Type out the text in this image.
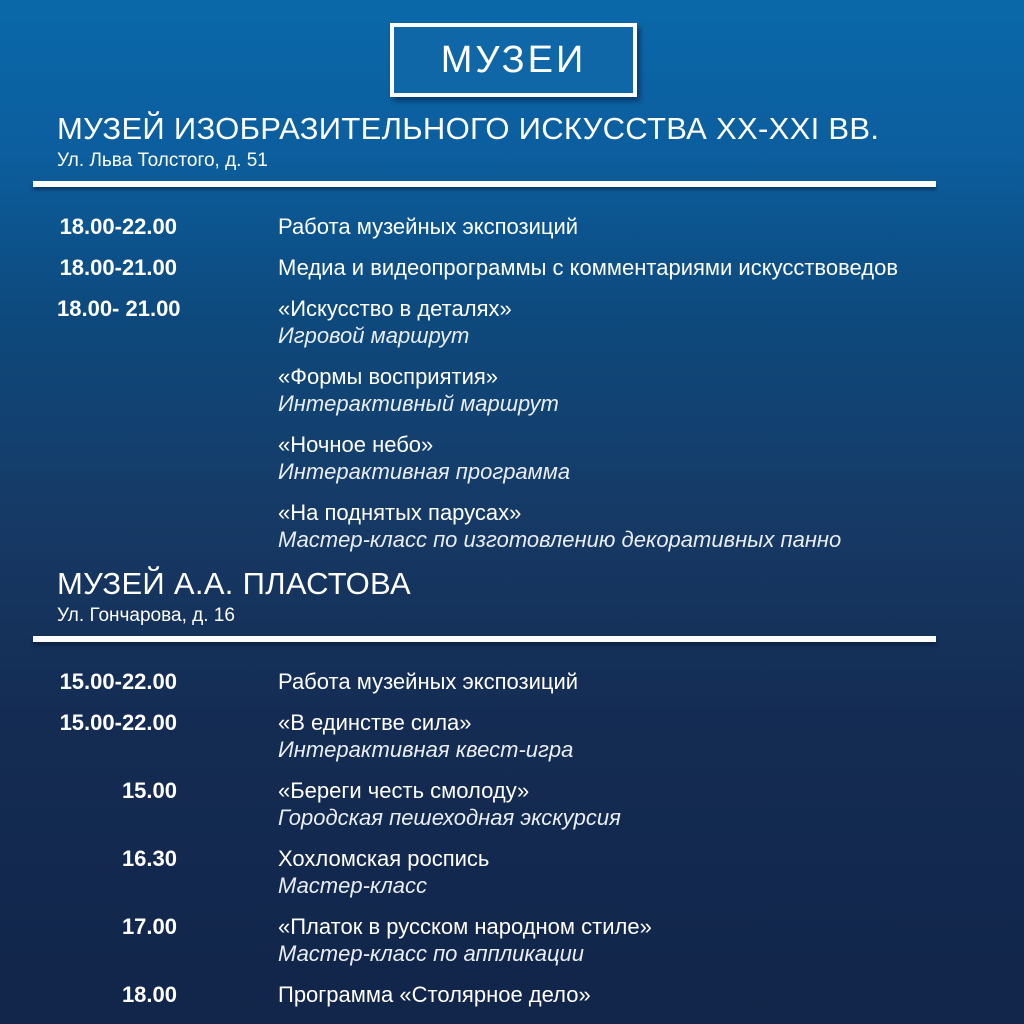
МУЗЕИ
МУЗЕЙ ИЗОБРАЗИТЕЛЬНОГО ИСКУССТВА XX-XXI ВВ.
Ул. Льва Толстого, д. 51
18.00-22.00	Работа музейных экспозиций
18.00-21.00	Медиа и видеопрограммы с комментариями искусствоведов
18.00- 21.00	«Искусство в деталях»
Игровой маршрут
«Формы восприятия»
Интерактивный маршрут
«Ночное небо»
Интерактивная программа
«На поднятых парусах»
Мастер-класс по изготовлению декоративных панно
МУЗЕЙ А.А. ПЛАСТОВА
Ул. Гончарова, д. 16
15.00-22.00	Работа музейных экспозиций
15.00-22.00	«В единстве сила»
Интерактивная квест-игра
15.00	«Береги честь смолоду»
Городская пешеходная экскурсия
16.30	Хохломская роспись
Мастер-класс
17.00	«Платок в русском народном стиле»
Мастер-класс по аппликации
18.00	Программа «Столярное дело»
